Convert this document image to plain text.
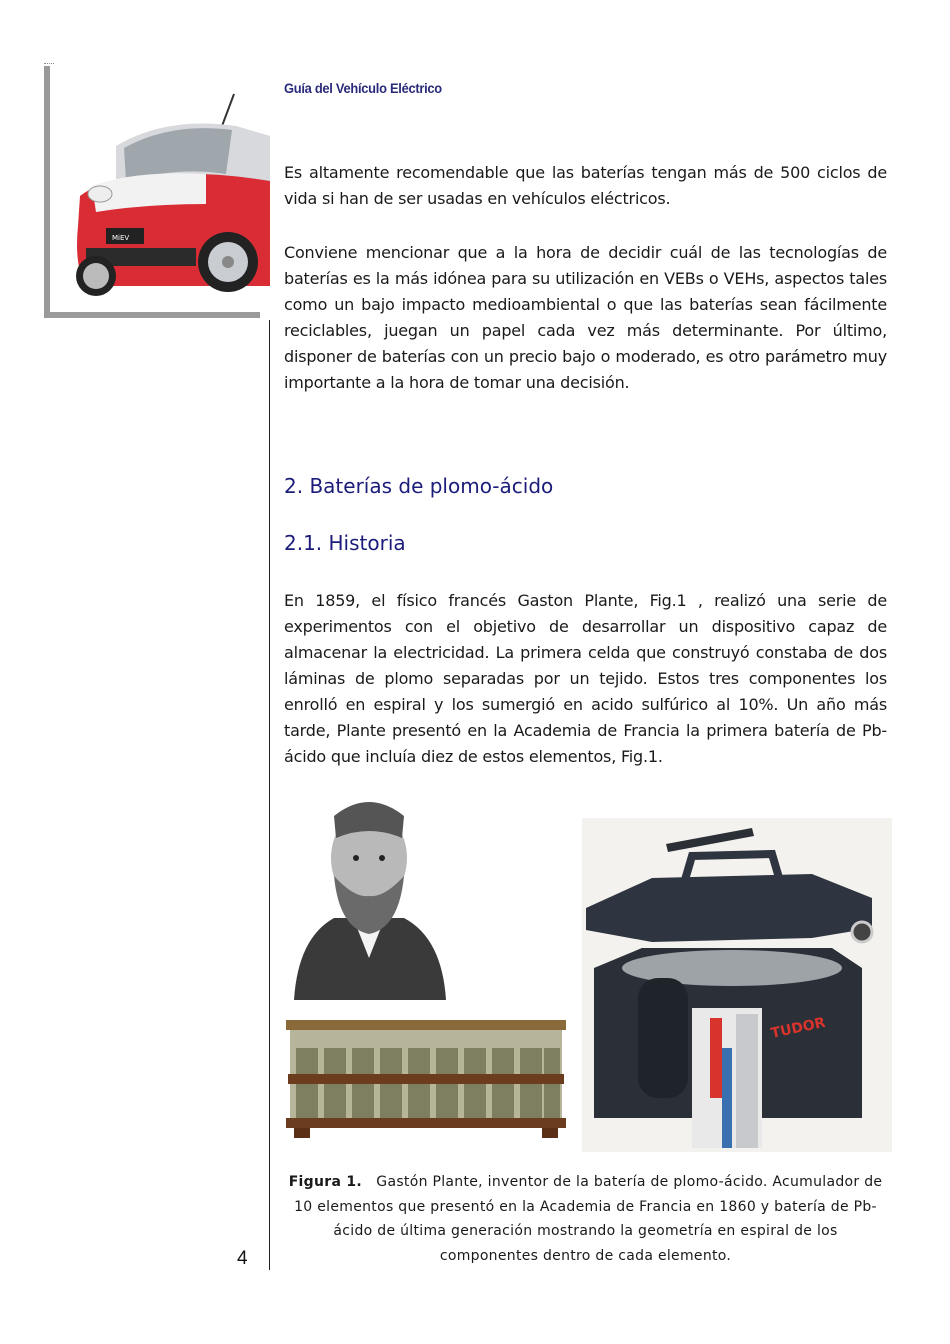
MiEV
Guía del Vehículo Eléctrico

Es altamente recomendable que las baterías tengan más de 500 ciclos de vida si han de ser usadas en vehículos eléctricos.

Conviene mencionar que a la hora de decidir cuál de las tecnologías de baterías es la más idónea para su utilización en VEBs o VEHs, aspectos tales como un bajo impacto medioambiental o que las baterías sean fácilmente reciclables, juegan un papel cada vez más determinante. Por último, disponer de baterías con un precio bajo o moderado, es otro parámetro muy importante a la hora de tomar una decisión.

2. Baterías de plomo-ácido
2.1. Historia

En 1859, el físico francés Gaston Plante, Fig.1 , realizó una serie de experimentos con el objetivo de desarrollar un dispositivo capaz de almacenar la electricidad. La primera celda que construyó constaba de dos láminas de plomo separadas por un tejido. Estos tres componentes los enrolló en espiral y los sumergió en acido sulfúrico al 10%. Un año más tarde, Plante presentó en la Academia de Francia la primera batería de Pb-ácido que incluía diez de estos elementos, Fig.1.

TUDOR
Figura 1. Gastón Plante, inventor de la batería de plomo-ácido. Acumulador de 10 elementos que presentó en la Academia de Francia en 1860 y batería de Pb-ácido de última generación mostrando la geometría en espiral de los componentes dentro de cada elemento.
4
